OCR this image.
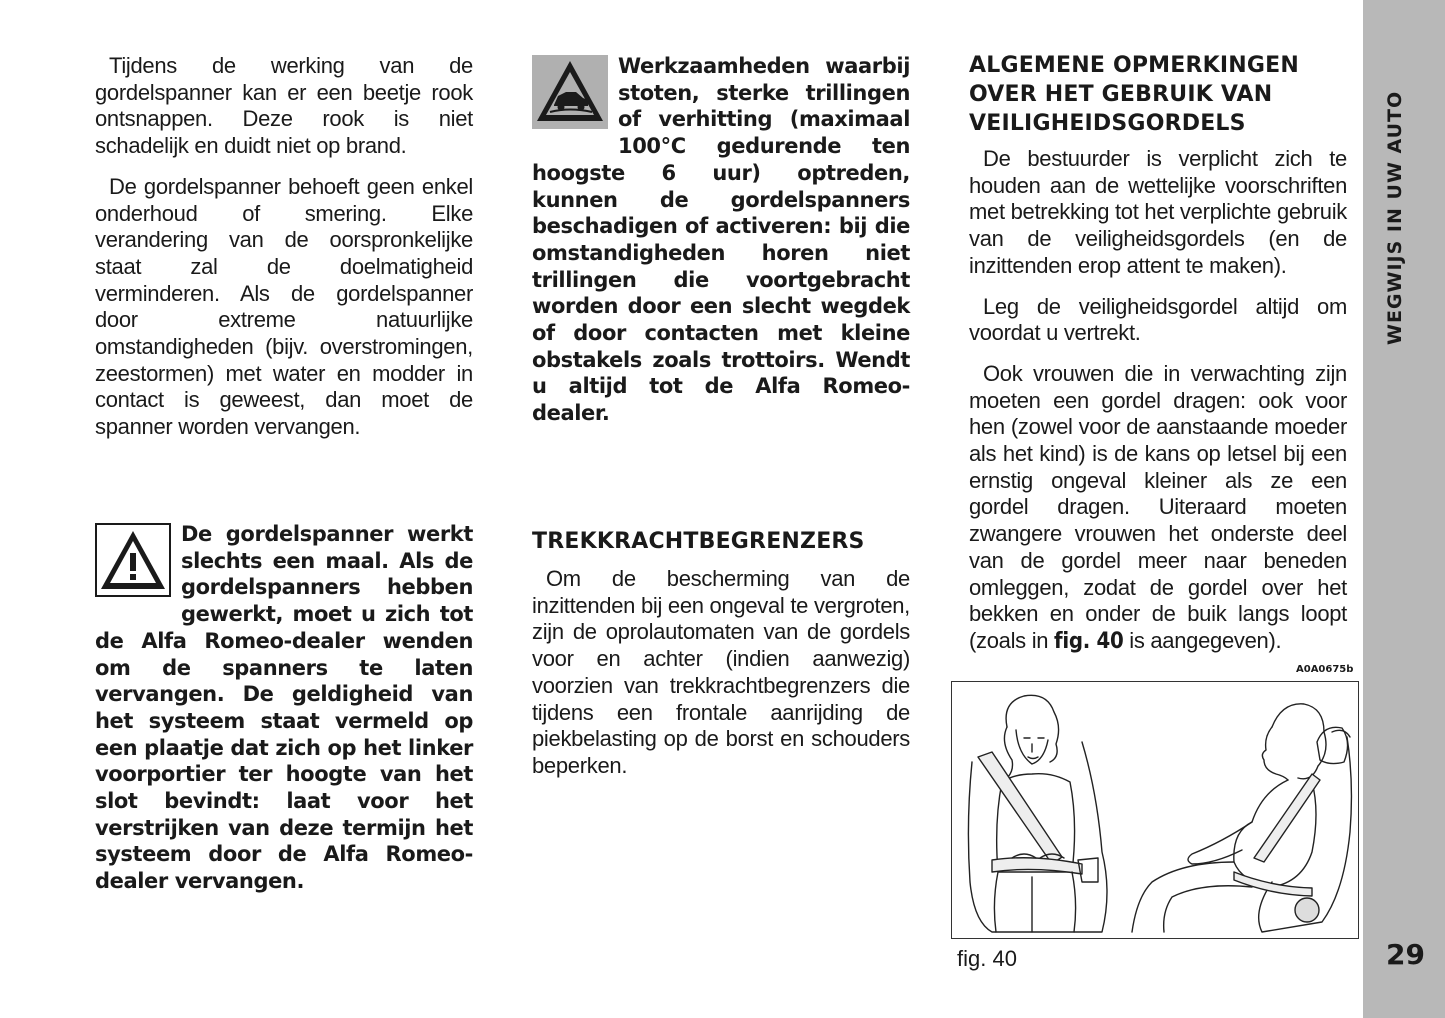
Tijdens de werking van de gordelspanner kan er een beetje rook ontsnappen. Deze rook is niet schadelijk en duidt niet op brand.

De gordelspanner behoeft geen enkel onderhoud of smering. Elke verandering van de oorspronkelijke staat zal de doelmatigheid verminderen. Als de gordelspanner door extreme natuurlijke omstandigheden (bijv. overstromingen, zeestormen) met water en modder in contact is geweest, dan moet de spanner worden vervangen.

De gordelspanner werkt slechts een maal. Als de gordelspanners hebben gewerkt, moet u zich tot de Alfa Romeo-dealer wenden om de spanners te laten vervangen. De geldigheid van het systeem staat vermeld op een plaatje dat zich op het linker voorportier ter hoogte van het slot bevindt: laat voor het verstrijken van deze termijn het systeem door de Alfa Romeo-dealer vervangen.

Werkzaamheden waarbij stoten, sterke trillingen of verhitting (maximaal 100°C gedurende ten hoogste 6 uur) optreden, kunnen de gordelspanners beschadigen of activeren: bij die omstandigheden horen niet trillingen die voortgebracht worden door een slecht wegdek of door contacten met kleine obstakels zoals trottoirs. Wendt u altijd tot de Alfa Romeo-dealer.

TREKKRACHTBEGRENZERS

Om de bescherming van de inzittenden bij een ongeval te vergroten, zijn de oprolautomaten van de gordels voor en achter (indien aanwezig) voorzien van trekkrachtbegrenzers die tijdens een frontale aanrijding de piekbelasting op de borst en schouders beperken.

ALGEMENE OPMERKINGEN OVER HET GEBRUIK VAN VEILIGHEIDSGORDELS

De bestuurder is verplicht zich te houden aan de wettelijke voorschriften met betrekking tot het verplichte gebruik van de veiligheidsgordels (en de inzittenden erop attent te maken).

Leg de veiligheidsgordel altijd om voordat u vertrekt.

Ook vrouwen die in verwachting zijn moeten een gordel dragen: ook voor hen (zowel voor de aanstaande moeder als het kind) is de kans op letsel bij een ernstig ongeval kleiner als ze een gordel dragen. Uiteraard moeten zwangere vrouwen het onderste deel van de gordel meer naar beneden omleggen, zodat de gordel over het bekken en onder de buik langs loopt (zoals in fig. 40 is aangegeven).

A0A0675b
fig. 40
WEGWIJS IN UW AUTO
29
